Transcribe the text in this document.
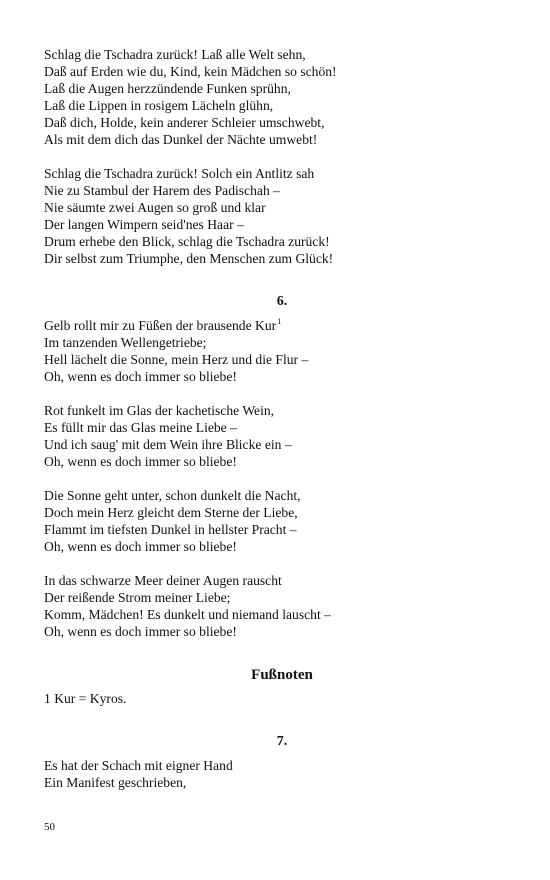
Schlag die Tschadra zurück! Laß alle Welt sehn,
Daß auf Erden wie du, Kind, kein Mädchen so schön!
Laß die Augen herzzündende Funken sprühn,
Laß die Lippen in rosigem Lächeln glühn,
Daß dich, Holde, kein anderer Schleier umschwebt,
Als mit dem dich das Dunkel der Nächte umwebt!
Schlag die Tschadra zurück! Solch ein Antlitz sah
Nie zu Stambul der Harem des Padischah –
Nie säumte zwei Augen so groß und klar
Der langen Wimpern seid'nes Haar –
Drum erhebe den Blick, schlag die Tschadra zurück!
Dir selbst zum Triumphe, den Menschen zum Glück!
6.
Gelb rollt mir zu Füßen der brausende Kur$^1$
Im tanzenden Wellengetriebe;
Hell lächelt die Sonne, mein Herz und die Flur –
Oh, wenn es doch immer so bliebe!
Rot funkelt im Glas der kachetische Wein,
Es füllt mir das Glas meine Liebe –
Und ich saug' mit dem Wein ihre Blicke ein –
Oh, wenn es doch immer so bliebe!
Die Sonne geht unter, schon dunkelt die Nacht,
Doch mein Herz gleicht dem Sterne der Liebe,
Flammt im tiefsten Dunkel in hellster Pracht –
Oh, wenn es doch immer so bliebe!
In das schwarze Meer deiner Augen rauscht
Der reißende Strom meiner Liebe;
Komm, Mädchen! Es dunkelt und niemand lauscht –
Oh, wenn es doch immer so bliebe!
Fußnoten
1 Kur = Kyros.
7.
Es hat der Schach mit eigner Hand
Ein Manifest geschrieben,
50
